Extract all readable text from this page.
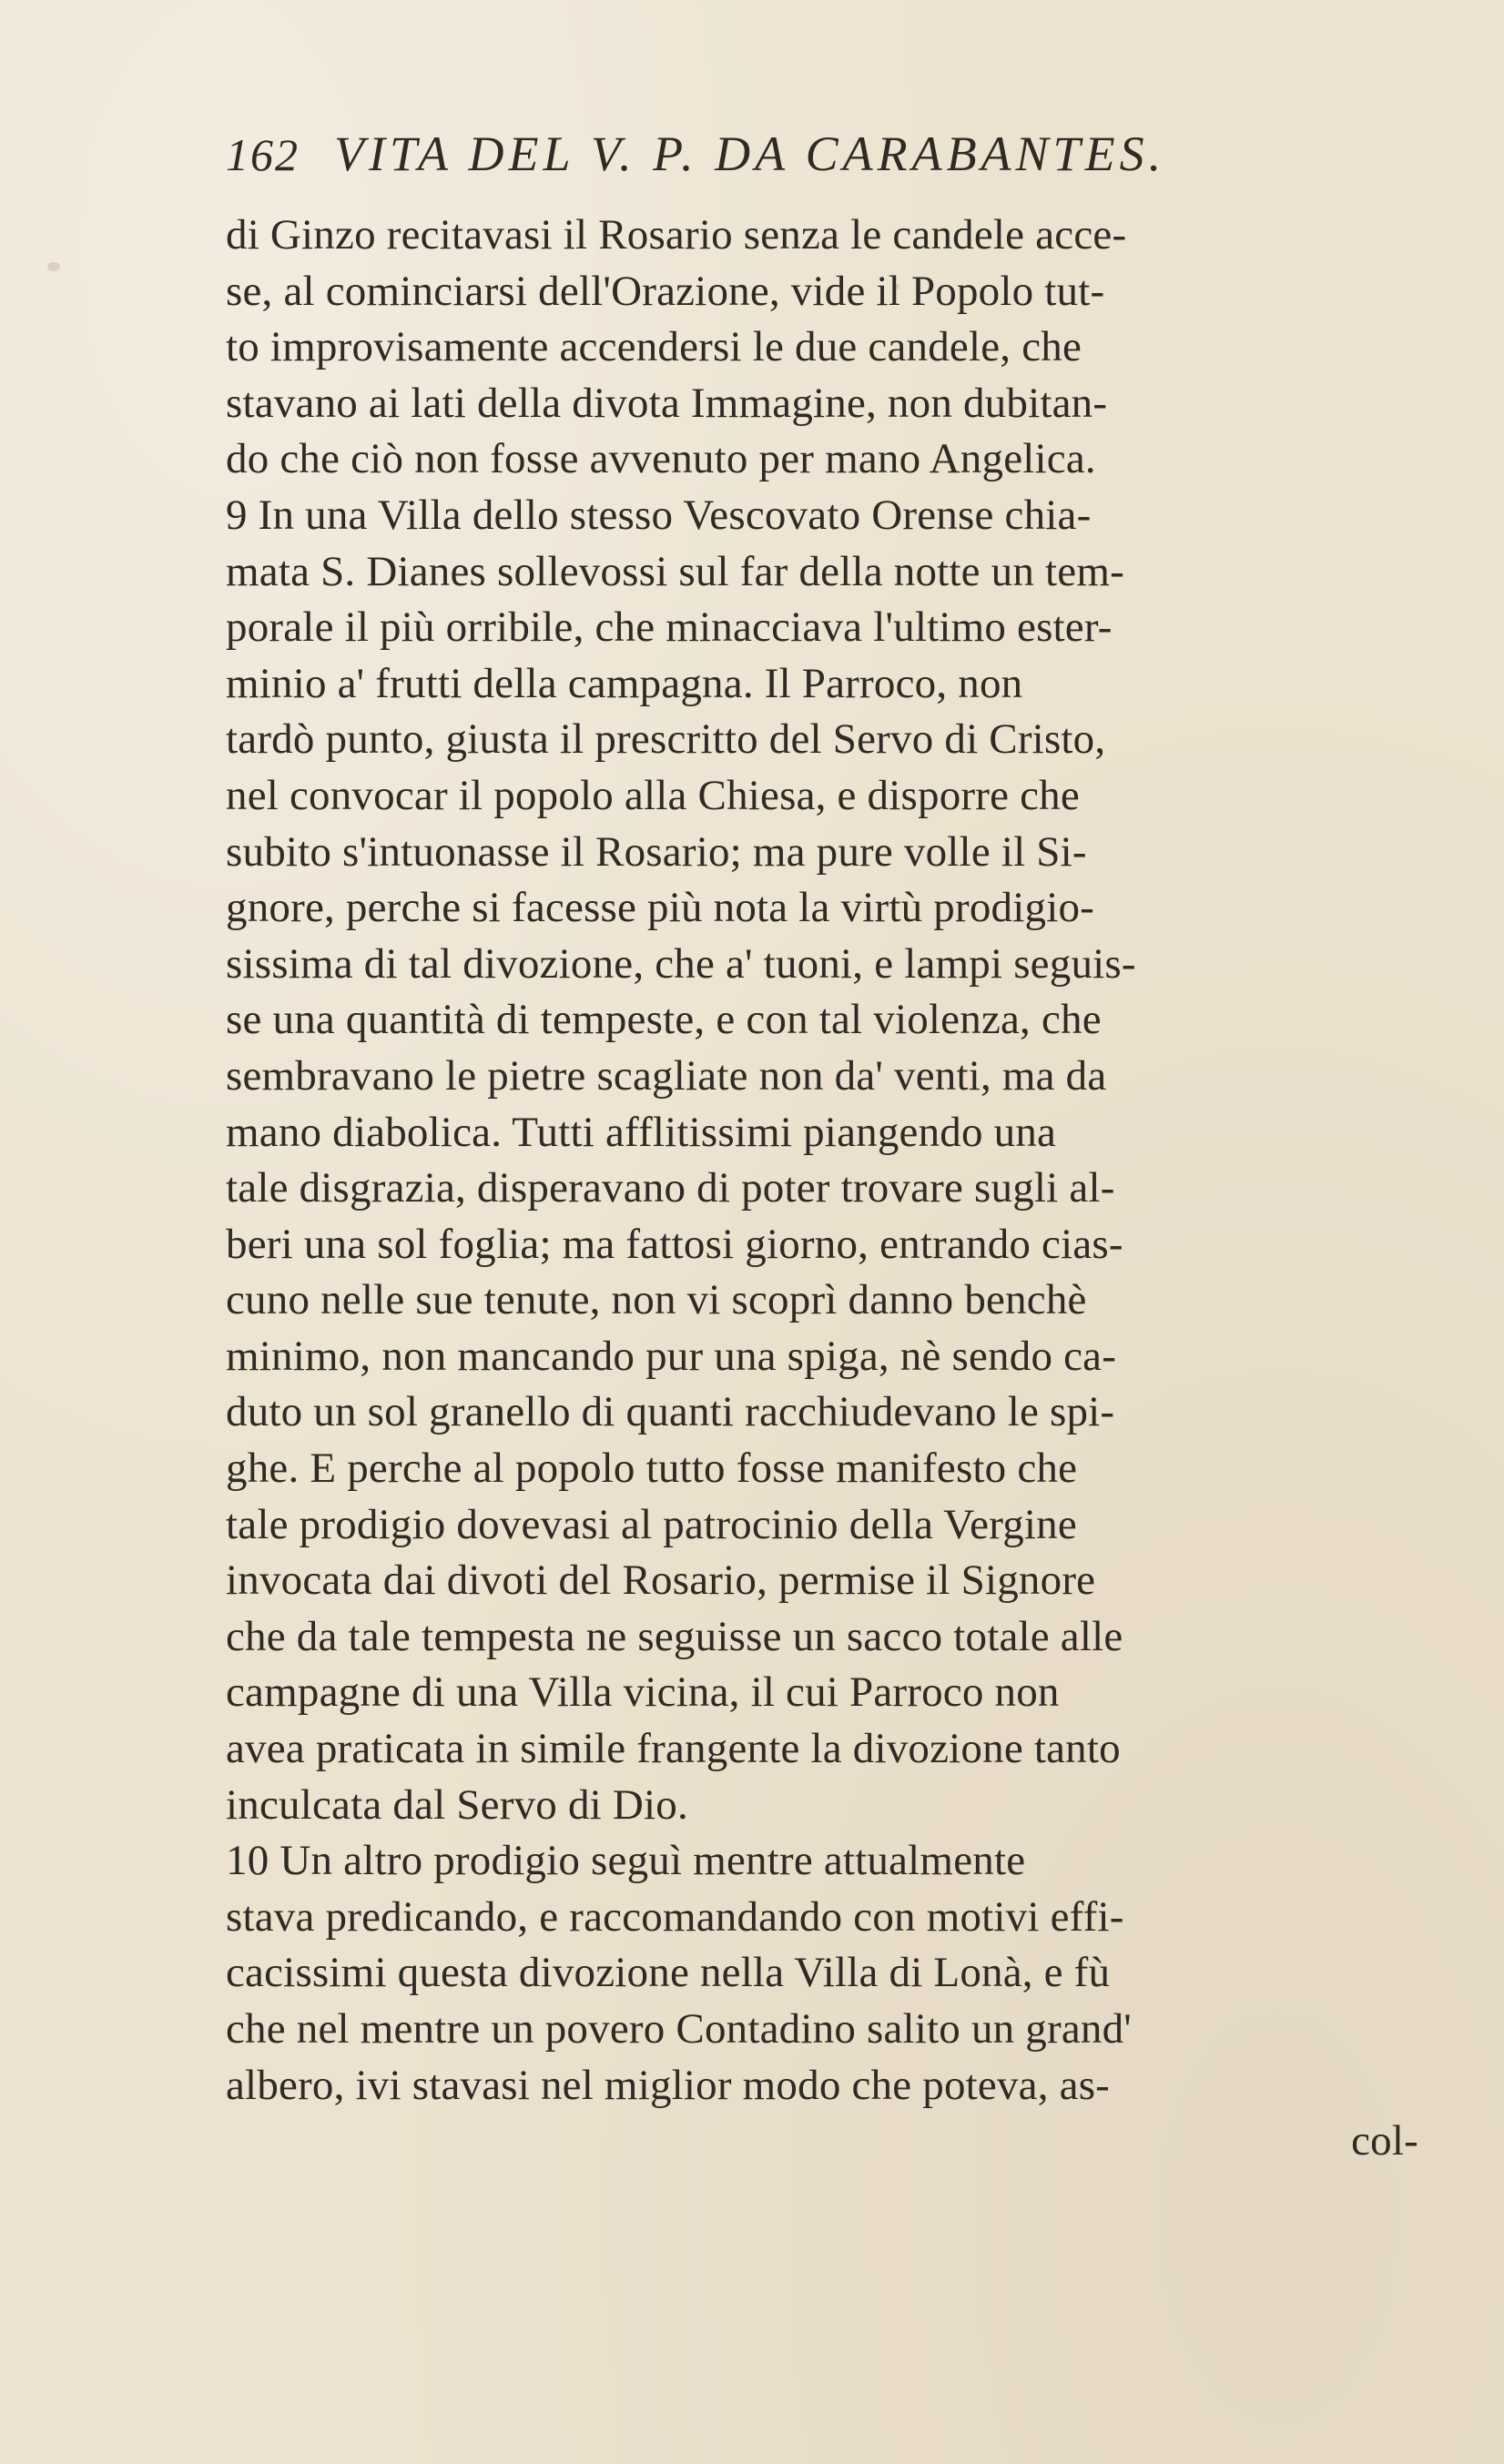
162 VITA DEL V. P. DA CARABANTES.
di Ginzo recitavasi il Rosario senza le candele acce-
se, al cominciarsi dell'Orazione, vide il Popolo tut-
to improvisamente accendersi le due candele, che
stavano ai lati della divota Immagine, non dubitan-
do che ciò non fosse avvenuto per mano Angelica.
9 In una Villa dello stesso Vescovato Orense chia-
mata S. Dianes sollevossi sul far della notte un tem-
porale il più orribile, che minacciava l'ultimo ester-
minio a' frutti della campagna. Il Parroco, non
tardò punto, giusta il prescritto del Servo di Cristo,
nel convocar il popolo alla Chiesa, e disporre che
subito s'intuonasse il Rosario; ma pure volle il Si-
gnore, perche si facesse più nota la virtù prodigio-
sissima di tal divozione, che a' tuoni, e lampi seguis-
se una quantità di tempeste, e con tal violenza, che
sembravano le pietre scagliate non da' venti, ma da
mano diabolica. Tutti afflitissimi piangendo una
tale disgrazia, disperavano di poter trovare sugli al-
beri una sol foglia; ma fattosi giorno, entrando cias-
cuno nelle sue tenute, non vi scoprì danno benchè
minimo, non mancando pur una spiga, nè sendo ca-
duto un sol granello di quanti racchiudevano le spi-
ghe. E perche al popolo tutto fosse manifesto che
tale prodigio dovevasi al patrocinio della Vergine
invocata dai divoti del Rosario, permise il Signore
che da tale tempesta ne seguisse un sacco totale alle
campagne di una Villa vicina, il cui Parroco non
avea praticata in simile frangente la divozione tanto
inculcata dal Servo di Dio.
10 Un altro prodigio seguì mentre attualmente
stava predicando, e raccomandando con motivi effi-
cacissimi questa divozione nella Villa di Lonà, e fù
che nel mentre un povero Contadino salito un grand'
albero, ivi stavasi nel miglior modo che poteva, as-
col-
